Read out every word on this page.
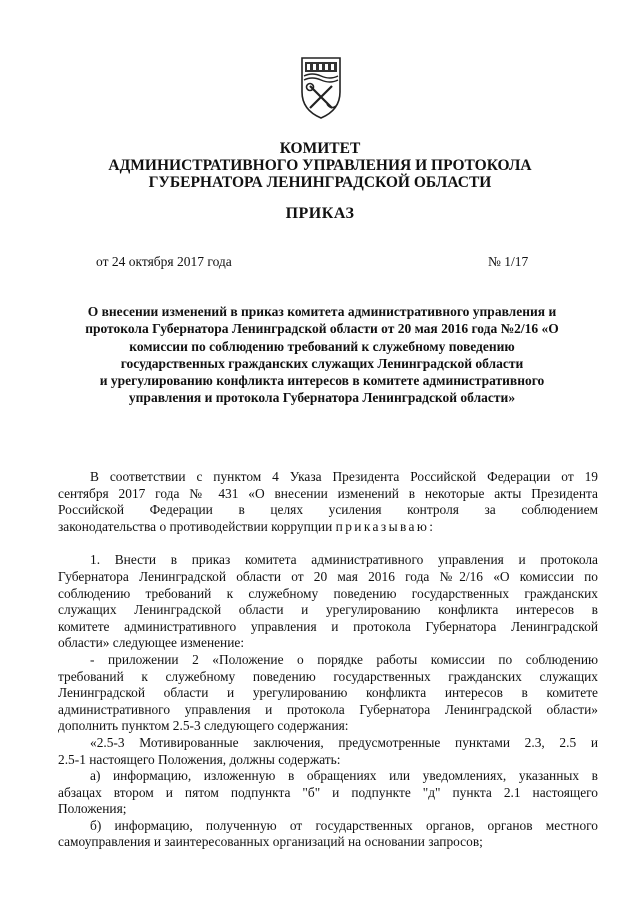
КОМИТЕТ
АДМИНИСТРАТИВНОГО УПРАВЛЕНИЯ И ПРОТОКОЛА
ГУБЕРНАТОРА ЛЕНИНГРАДСКОЙ ОБЛАСТИ
ПРИКАЗ
от 24 октября 2017 года	№ 1/17
О внесении изменений в приказ комитета административного управления и
протокола Губернатора Ленинградской области от 20 мая 2016 года №2/16 «О
комиссии по соблюдению требований к служебному поведению
государственных гражданских служащих Ленинградской области
и урегулированию конфликта интересов в комитете административного
управления и протокола Губернатора Ленинградской области»
В соответствии с пунктом 4 Указа Президента Российской Федерации от 19
сентября 2017 года № 431 «О внесении изменений в некоторые акты Президента
Российской Федерации в целях усиления контроля за соблюдением
законодательства о противодействии коррупции приказываю:
1. Внести в приказ комитета административного управления и протокола
Губернатора Ленинградской области от 20 мая 2016 года №2/16 «О комиссии по
соблюдению требований к служебному поведению государственных гражданских
служащих Ленинградской области и урегулированию конфликта интересов в
комитете административного управления и протокола Губернатора Ленинградской
области» следующее изменение:
- приложении 2 «Положение о порядке работы комиссии по соблюдению
требований к служебному поведению государственных гражданских служащих
Ленинградской области и урегулированию конфликта интересов в комитете
административного управления и протокола Губернатора Ленинградской области»
дополнить пунктом 2.5-3 следующего содержания:
«2.5-3 Мотивированные заключения, предусмотренные пунктами 2.3, 2.5 и
2.5-1 настоящего Положения, должны содержать:
а) информацию, изложенную в обращениях или уведомлениях, указанных в
абзацах втором и пятом подпункта "б" и подпункте "д" пункта 2.1 настоящего
Положения;
б) информацию, полученную от государственных органов, органов местного
самоуправления и заинтересованных организаций на основании запросов;
